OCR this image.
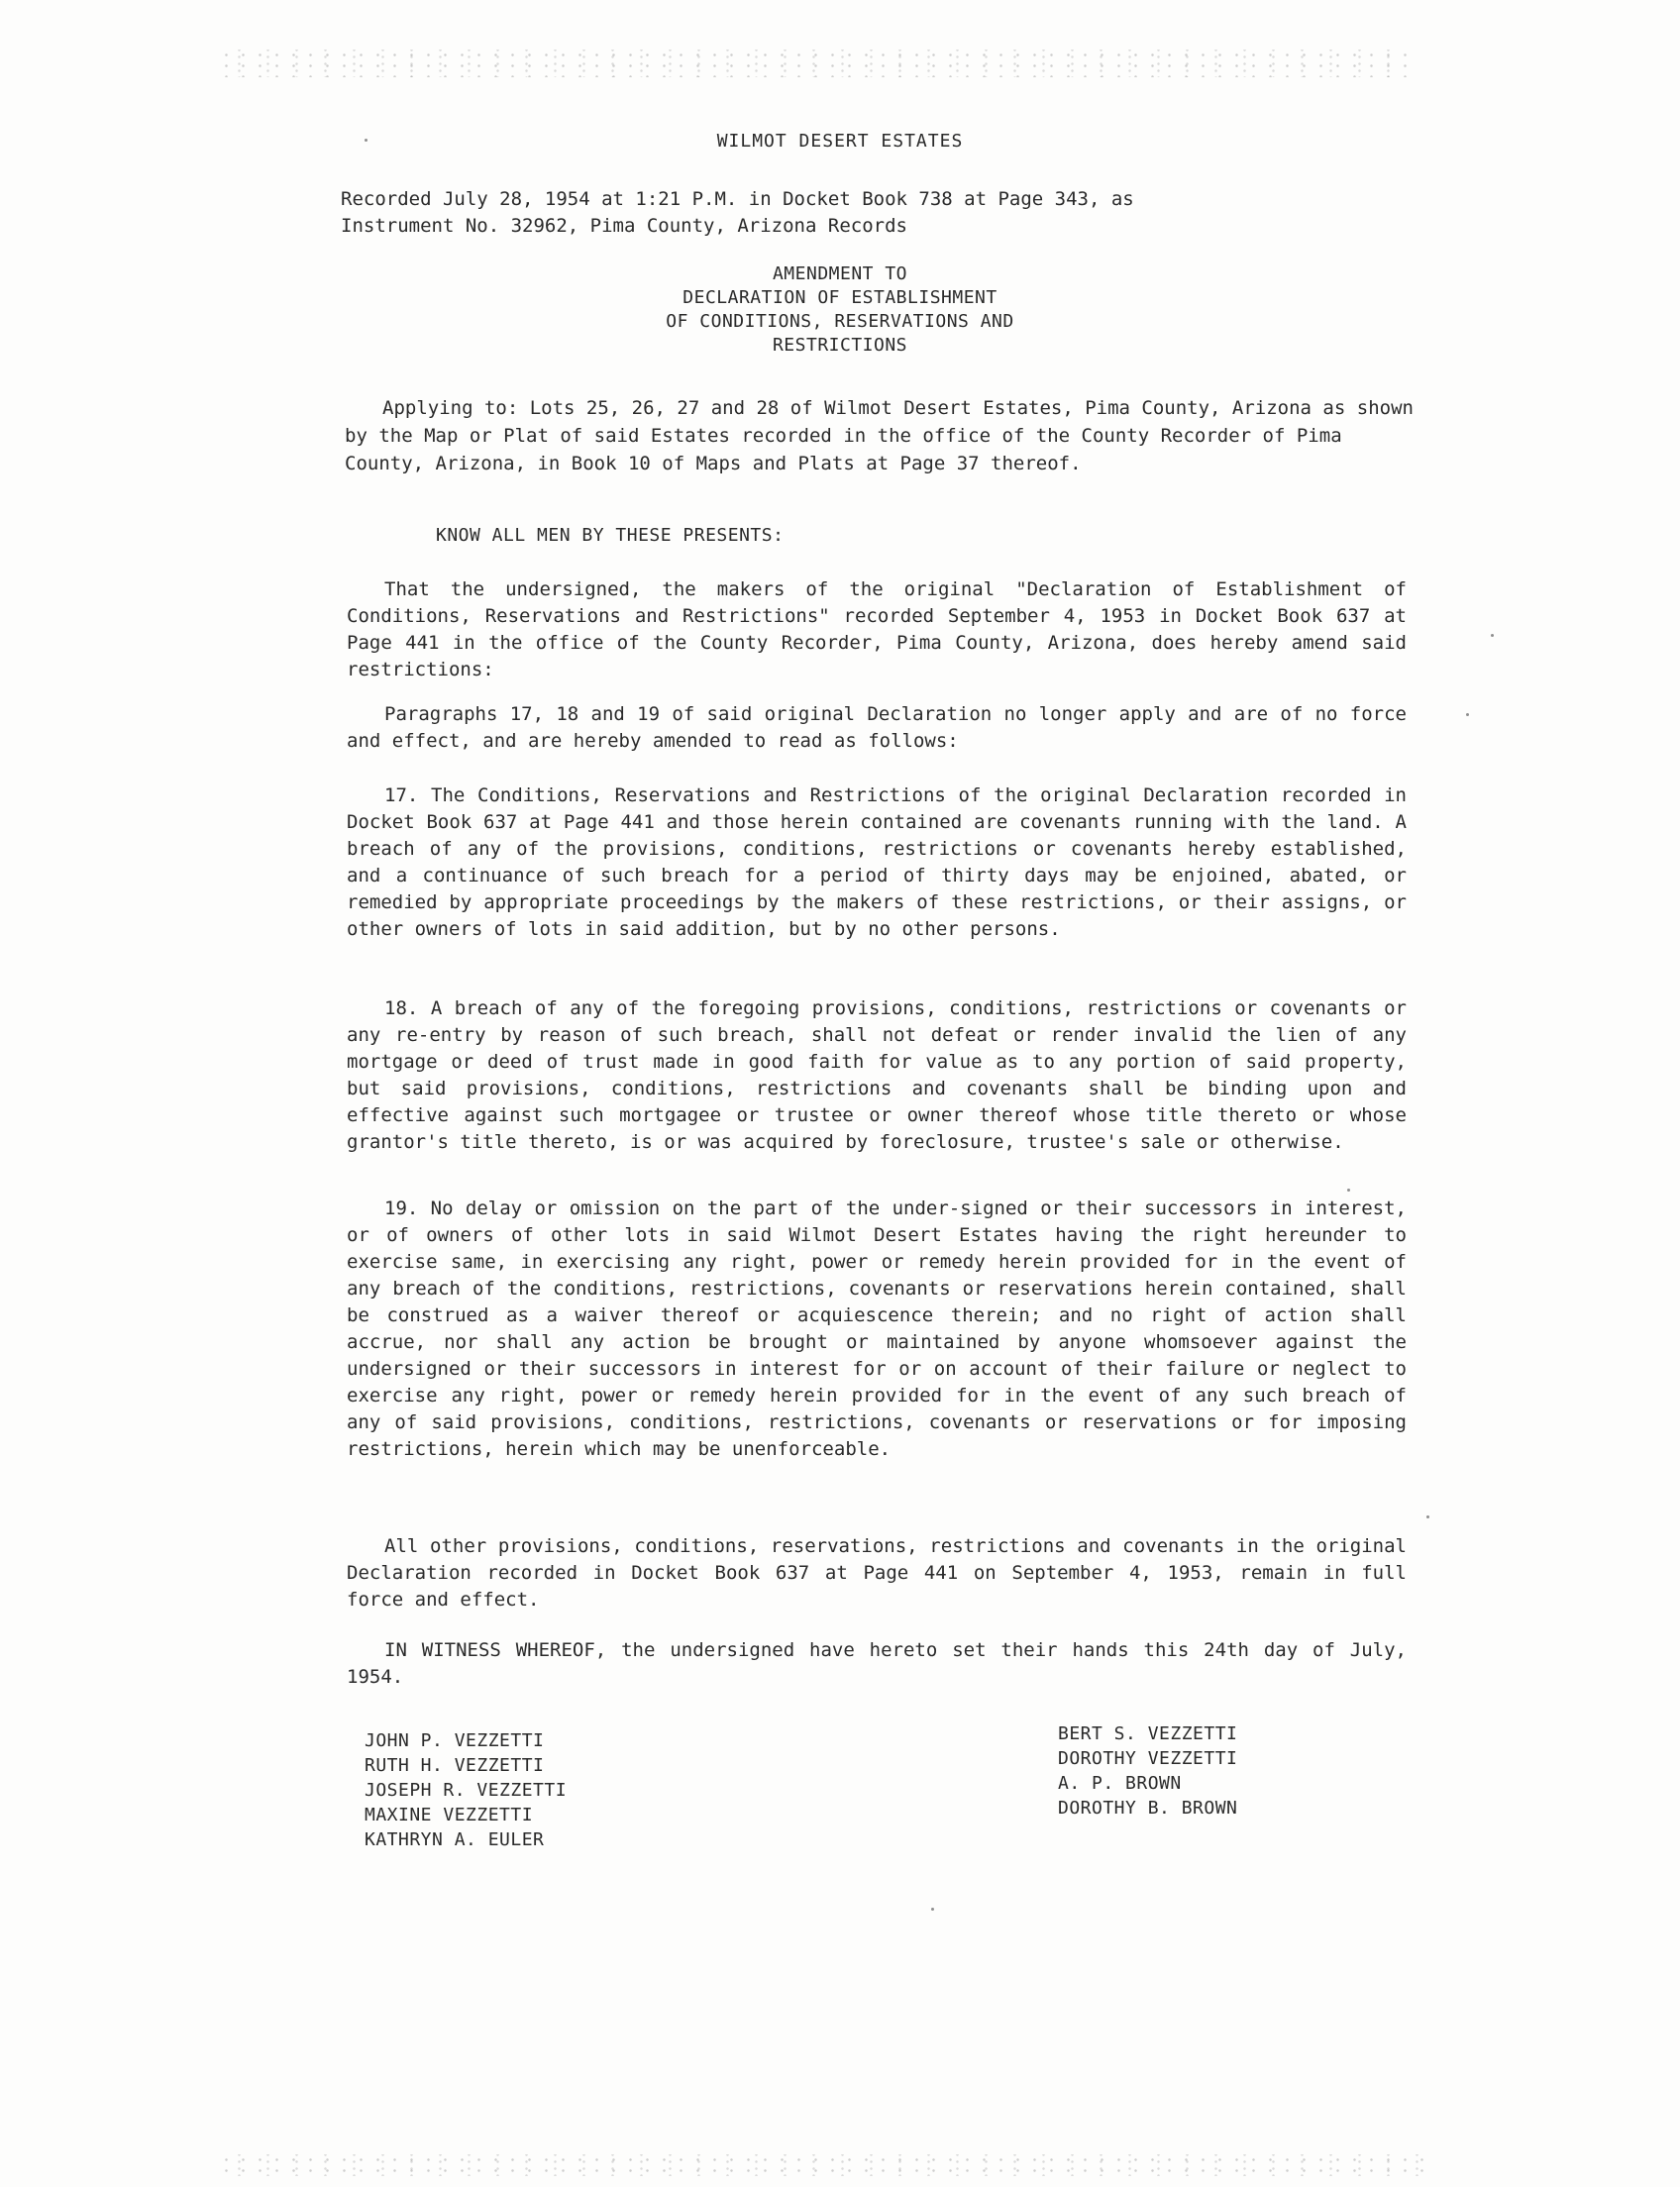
WILMOT DESERT ESTATES
Recorded July 28, 1954 at 1:21 P.M. in Docket Book 738 at Page 343, as
Instrument No. 32962, Pima County, Arizona Records
AMENDMENT TO
DECLARATION OF ESTABLISHMENT
OF CONDITIONS, RESERVATIONS AND
RESTRICTIONS
Applying to: Lots 25, 26, 27 and 28 of Wilmot Desert Estates, Pima County, Arizona as shown by the Map or Plat of said Estates recorded in the office of the County Recorder of Pima County, Arizona, in Book 10 of Maps and Plats at Page 37 thereof.
KNOW ALL MEN BY THESE PRESENTS:
That the undersigned, the makers of the original "Declaration of Establishment of Conditions, Reservations and Restrictions" recorded September 4, 1953 in Docket Book 637 at Page 441 in the office of the County Recorder, Pima County, Arizona, does hereby amend said restrictions:
Paragraphs 17, 18 and 19 of said original Declaration no longer apply and are of no force and effect, and are hereby amended to read as follows:
17. The Conditions, Reservations and Restrictions of the original Declaration recorded in Docket Book 637 at Page 441 and those herein contained are covenants running with the land. A breach of any of the provisions, conditions, restrictions or covenants hereby established, and a continuance of such breach for a period of thirty days may be enjoined, abated, or remedied by appropriate proceedings by the makers of these restrictions, or their assigns, or other owners of lots in said addition, but by no other persons.
18. A breach of any of the foregoing provisions, conditions, restrictions or covenants or any re-entry by reason of such breach, shall not defeat or render invalid the lien of any mortgage or deed of trust made in good faith for value as to any portion of said property, but said provisions, conditions, restrictions and covenants shall be binding upon and effective against such mortgagee or trustee or owner thereof whose title thereto or whose grantor's title thereto, is or was acquired by foreclosure, trustee's sale or otherwise.
19. No delay or omission on the part of the under-signed or their successors in interest, or of owners of other lots in said Wilmot Desert Estates having the right hereunder to exercise same, in exercising any right, power or remedy herein provided for in the event of any breach of the conditions, restrictions, covenants or reservations herein contained, shall be construed as a waiver thereof or acquiescence therein; and no right of action shall accrue, nor shall any action be brought or maintained by anyone whomsoever against the undersigned or their successors in interest for or on account of their failure or neglect to exercise any right, power or remedy herein provided for in the event of any such breach of any of said provisions, conditions, restrictions, covenants or reservations or for imposing restrictions, herein which may be unenforceable.
All other provisions, conditions, reservations, restrictions and covenants in the original Declaration recorded in Docket Book 637 at Page 441 on September 4, 1953, remain in full force and effect.
IN WITNESS WHEREOF, the undersigned have hereto set their hands this 24th day of July, 1954.
JOHN P. VEZZETTI
RUTH H. VEZZETTI
JOSEPH R. VEZZETTI
MAXINE VEZZETTI
KATHRYN A. EULER
BERT S. VEZZETTI
DOROTHY VEZZETTI
A. P. BROWN
DOROTHY B. BROWN
